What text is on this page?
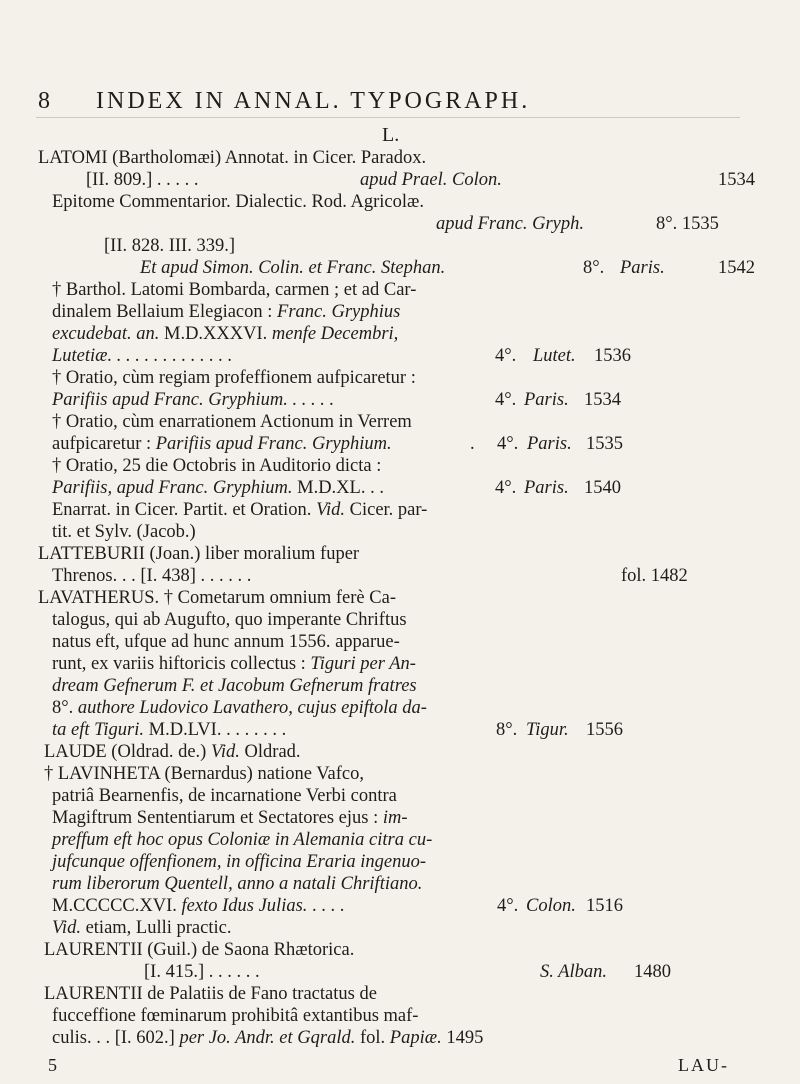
8 INDEX IN ANNAL. TYPOGRAPH.
L.
LATOMI (Bartholomæi) Annotat. in Cicer. Paradox.
[II. 809.] . . . . .	apud Prael. Colon.	1534
Epitome Commentarior. Dialectic. Rod. Agricolæ.
apud Franc. Gryph.	8°. 1535
[II. 828. III. 339.]
Et apud Simon. Colin. et Franc. Stephan.	8°. Paris.	1542
† Barthol. Latomi Bombarda, carmen ; et ad Car-
dinalem Bellaium Elegiacon : Franc. Gryphius
excudebat. an. M.D.XXXVI. menfe Decembri,
Lutetiæ. . . . . . . . . . . . . .	4°. Lutet. 1536
† Oratio, cùm regiam profeffionem aufpicaretur :
Parifiis apud Franc. Gryphium. . . . . .	4°. Paris. 1534
† Oratio, cùm enarrationem Actionum in Verrem
aufpicaretur : Parifiis apud Franc. Gryphium.	. 4°. Paris. 1535
† Oratio, 25 die Octobris in Auditorio dicta :
Parifiis, apud Franc. Gryphium. M.D.XL. . .	4°. Paris. 1540
Enarrat. in Cicer. Partit. et Oration. Vid. Cicer. par-
tit. et Sylv. (Jacob.)
LATTEBURII (Joan.) liber moralium fuper
Threnos. . . [I. 438] . . . . . .	fol. 1482
LAVATHERUS. † Cometarum omnium ferè Ca-
talogus, qui ab Augufto, quo imperante Chriftus
natus eft, ufque ad hunc annum 1556. apparue-
runt, ex variis hiftoricis collectus : Tiguri per An-
dream Gefnerum F. et Jacobum Gefnerum fratres
8°. authore Ludovico Lavathero, cujus epiftola da-
ta eft Tiguri. M.D.LVI. . . . . . . .	8°. Tigur. 1556
LAUDE (Oldrad. de.) Vid. Oldrad.
† LAVINHETA (Bernardus) natione Vafco,
patriâ Bearnenfis, de incarnatione Verbi contra
Magiftrum Sententiarum et Sectatores ejus : im-
preffum eft hoc opus Coloniæ in Alemania citra cu-
jufcunque offenfionem, in officina Eraria ingenuo-
rum liberorum Quentell, anno a natali Chriftiano.
M.CCCCC.XVI. fexto Idus Julias. . . . .	4°. Colon. 1516
Vid. etiam, Lulli practic.
LAURENTII (Guil.) de Saona Rhætorica.
[I. 415.] . . . . . .	S. Alban. 1480
LAURENTII de Palatiis de Fano tractatus de
fucceffione fœminarum prohibitâ extantibus maf-
culis. . . [I. 602.] per Jo. Andr. et Gqrald. fol. Papiæ. 1495
5	LAU-
